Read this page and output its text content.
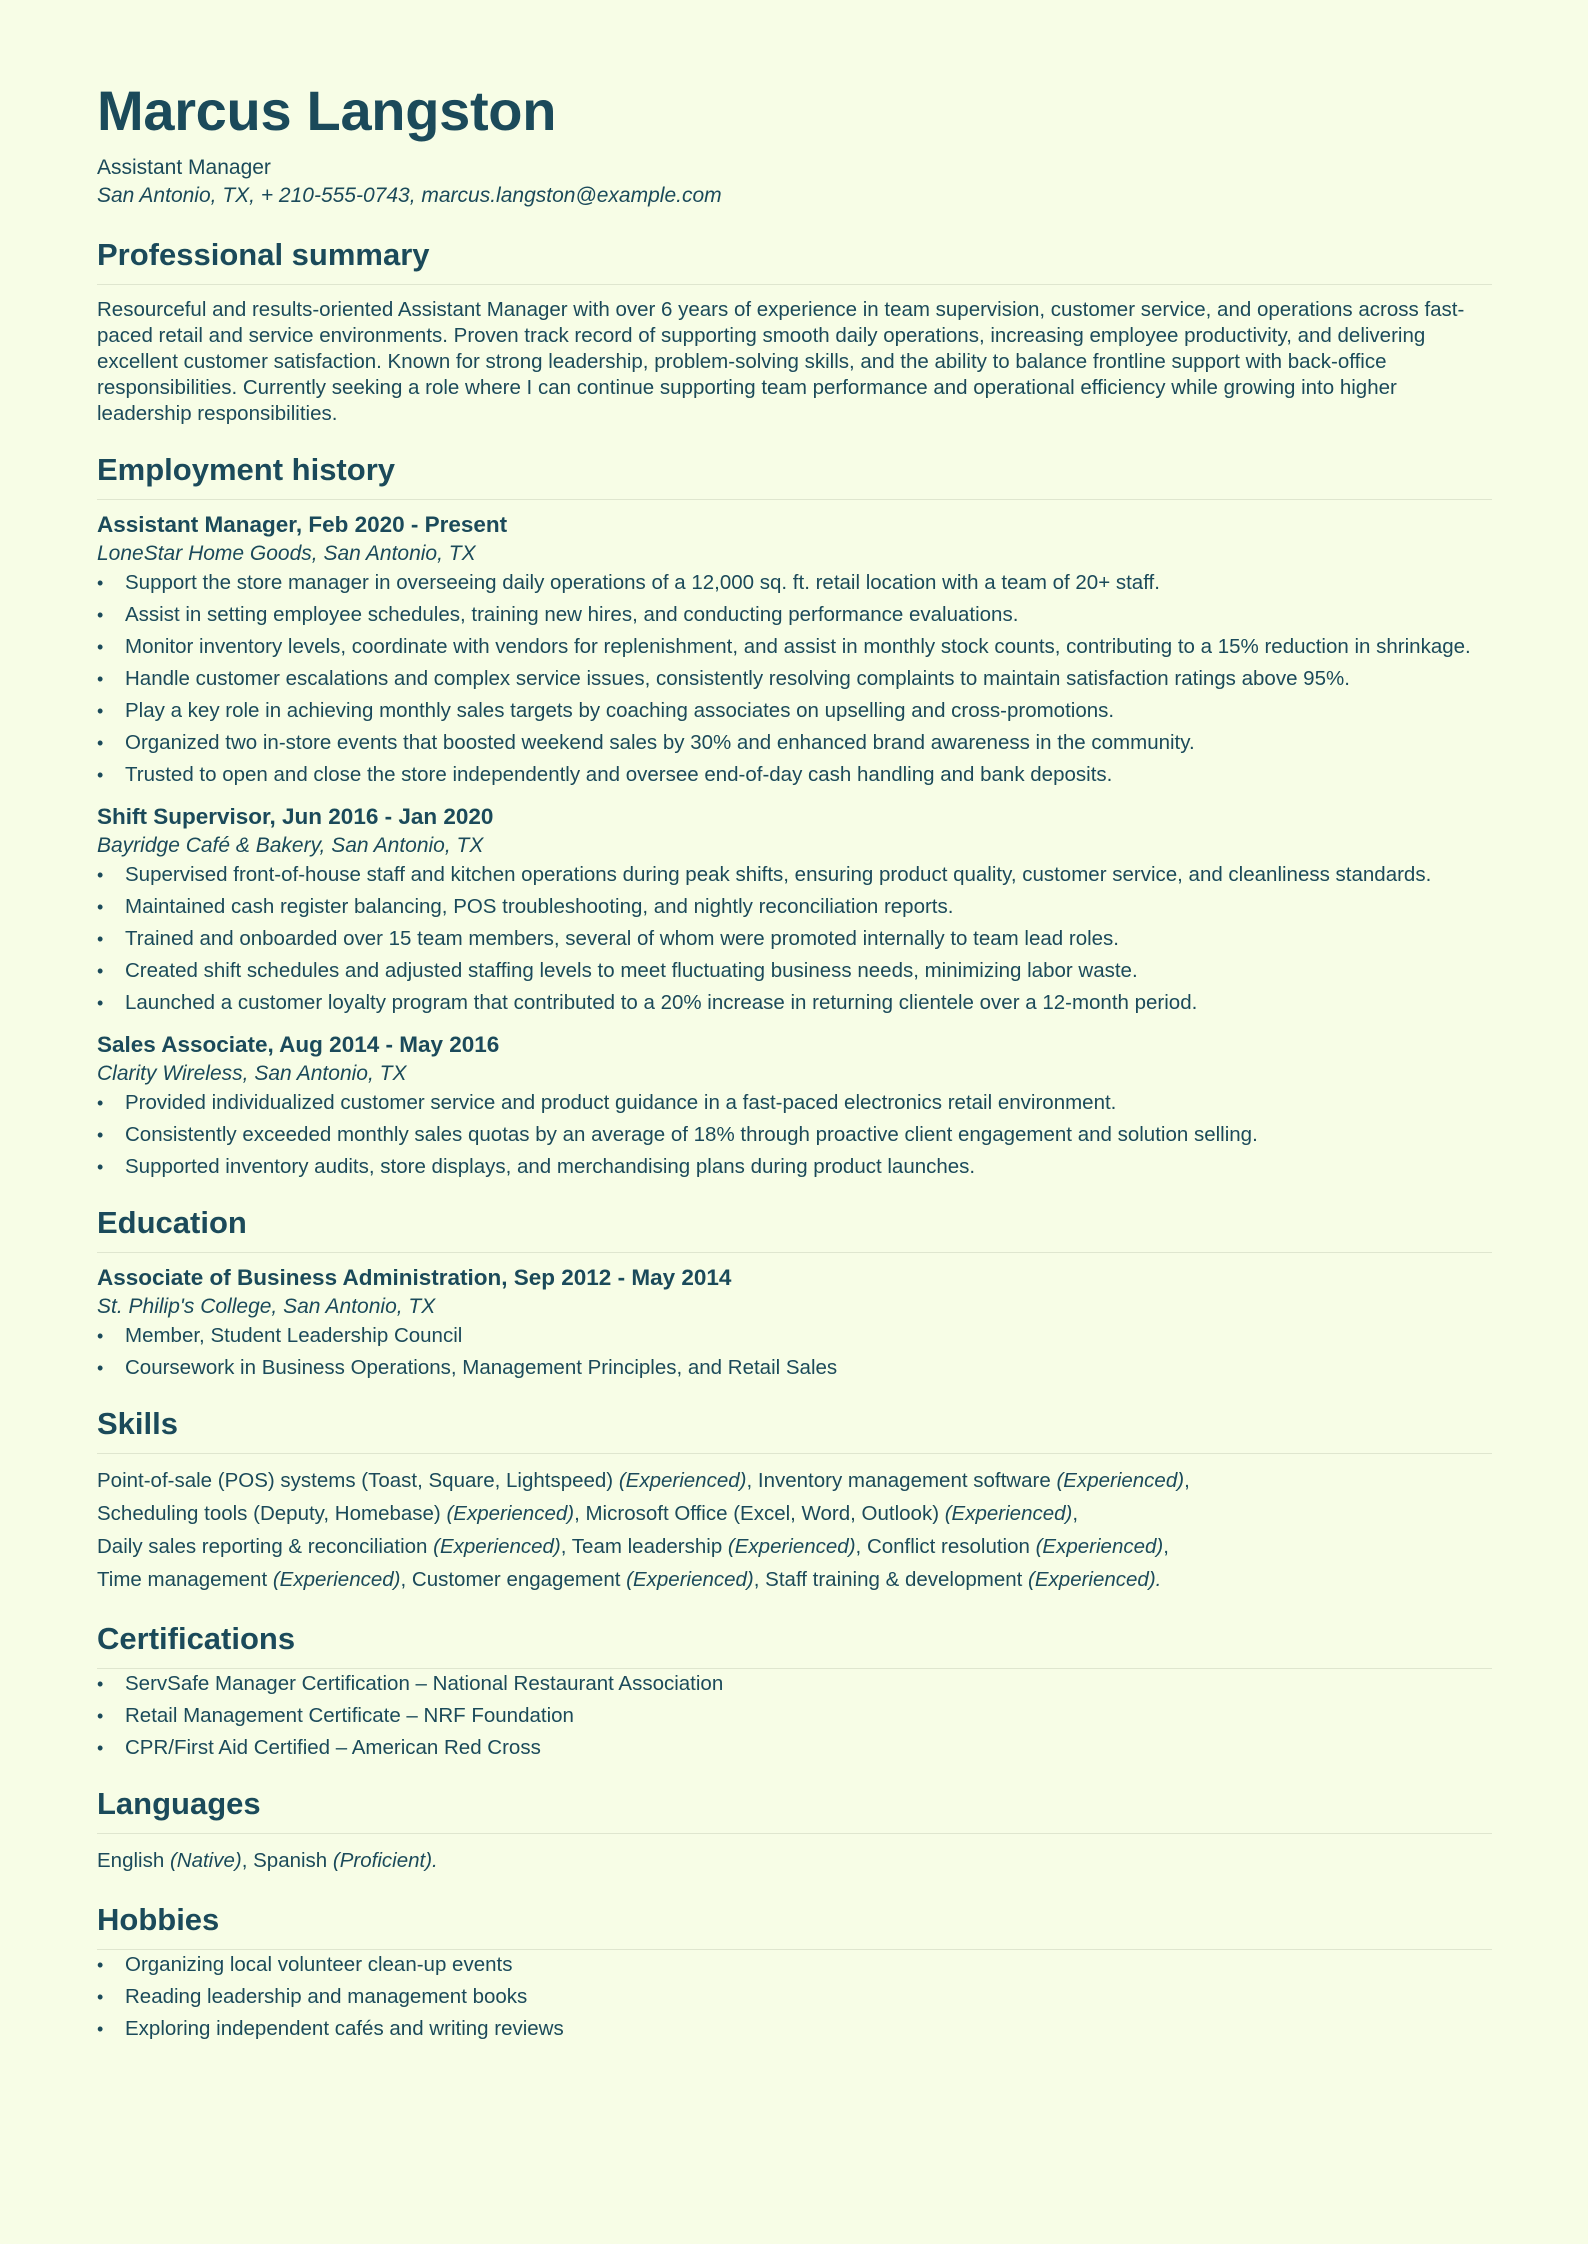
Marcus Langston
Assistant Manager
San Antonio, TX, + 210-555-0743, marcus.langston@example.com
Professional summary
Resourceful and results-oriented Assistant Manager with over 6 years of experience in team supervision, customer service, and operations across fast-paced retail and service environments. Proven track record of supporting smooth daily operations, increasing employee productivity, and delivering excellent customer satisfaction. Known for strong leadership, problem-solving skills, and the ability to balance frontline support with back-office responsibilities. Currently seeking a role where I can continue supporting team performance and operational efficiency while growing into higher leadership responsibilities.
Employment history
Assistant Manager, Feb 2020 - Present
LoneStar Home Goods, San Antonio, TX
• Support the store manager in overseeing daily operations of a 12,000 sq. ft. retail location with a team of 20+ staff.
• Assist in setting employee schedules, training new hires, and conducting performance evaluations.
• Monitor inventory levels, coordinate with vendors for replenishment, and assist in monthly stock counts, contributing to a 15% reduction in shrinkage.
• Handle customer escalations and complex service issues, consistently resolving complaints to maintain satisfaction ratings above 95%.
• Play a key role in achieving monthly sales targets by coaching associates on upselling and cross-promotions.
• Organized two in-store events that boosted weekend sales by 30% and enhanced brand awareness in the community.
• Trusted to open and close the store independently and oversee end-of-day cash handling and bank deposits.
Shift Supervisor, Jun 2016 - Jan 2020
Bayridge Café & Bakery, San Antonio, TX
• Supervised front-of-house staff and kitchen operations during peak shifts, ensuring product quality, customer service, and cleanliness standards.
• Maintained cash register balancing, POS troubleshooting, and nightly reconciliation reports.
• Trained and onboarded over 15 team members, several of whom were promoted internally to team lead roles.
• Created shift schedules and adjusted staffing levels to meet fluctuating business needs, minimizing labor waste.
• Launched a customer loyalty program that contributed to a 20% increase in returning clientele over a 12-month period.
Sales Associate, Aug 2014 - May 2016
Clarity Wireless, San Antonio, TX
• Provided individualized customer service and product guidance in a fast-paced electronics retail environment.
• Consistently exceeded monthly sales quotas by an average of 18% through proactive client engagement and solution selling.
• Supported inventory audits, store displays, and merchandising plans during product launches.
Education
Associate of Business Administration, Sep 2012 - May 2014
St. Philip's College, San Antonio, TX
• Member, Student Leadership Council
• Coursework in Business Operations, Management Principles, and Retail Sales
Skills
Point-of-sale (POS) systems (Toast, Square, Lightspeed) (Experienced), Inventory management software (Experienced),
Scheduling tools (Deputy, Homebase) (Experienced), Microsoft Office (Excel, Word, Outlook) (Experienced),
Daily sales reporting & reconciliation (Experienced), Team leadership (Experienced), Conflict resolution (Experienced),
Time management (Experienced), Customer engagement (Experienced), Staff training & development (Experienced).
Certifications
• ServSafe Manager Certification – National Restaurant Association
• Retail Management Certificate – NRF Foundation
• CPR/First Aid Certified – American Red Cross
Languages
English (Native), Spanish (Proficient).
Hobbies
• Organizing local volunteer clean-up events
• Reading leadership and management books
• Exploring independent cafés and writing reviews
